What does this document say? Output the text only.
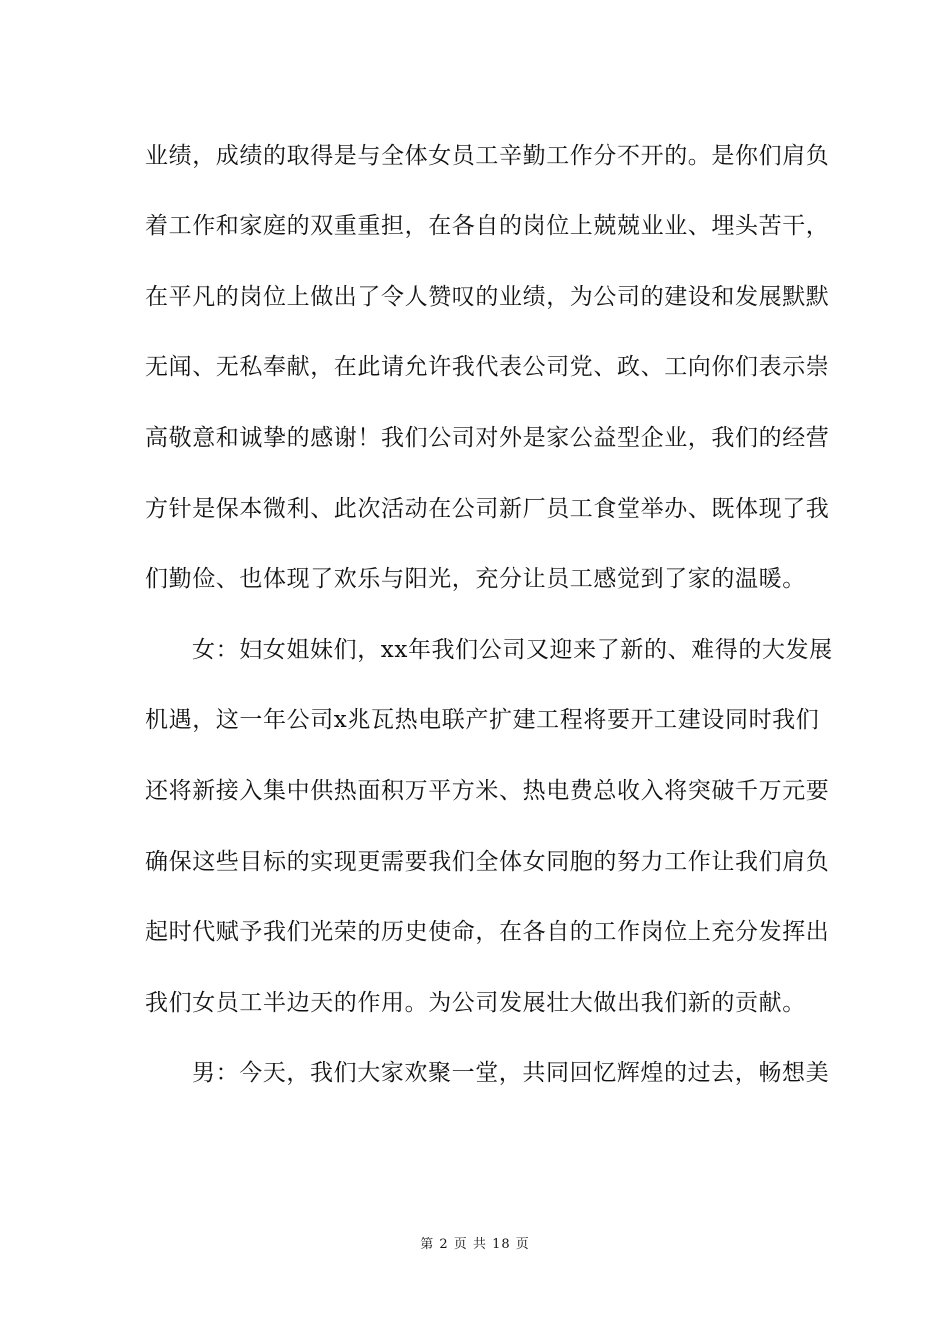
业绩，成绩的取得是与全体女员工辛勤工作分不开的。是你们肩负
着工作和家庭的双重重担，在各自的岗位上兢兢业业、埋头苦干，
在平凡的岗位上做出了令人赞叹的业绩，为公司的建设和发展默默
无闻、无私奉献，在此请允许我代表公司党、政、工向你们表示崇
高敬意和诚挚的感谢！我们公司对外是家公益型企业，我们的经营
方针是保本微利、此次活动在公司新厂员工食堂举办、既体现了我
们勤俭、也体现了欢乐与阳光，充分让员工感觉到了家的温暖。
女：妇女姐妹们，xx年我们公司又迎来了新的、难得的大发展
机遇，这一年公司x兆瓦热电联产扩建工程将要开工建设同时我们
还将新接入集中供热面积万平方米、热电费总收入将突破千万元要
确保这些目标的实现更需要我们全体女同胞的努力工作让我们肩负
起时代赋予我们光荣的历史使命，在各自的工作岗位上充分发挥出
我们女员工半边天的作用。为公司发展壮大做出我们新的贡献。
男：今天，我们大家欢聚一堂，共同回忆辉煌的过去，畅想美
第 2 页 共 18 页
